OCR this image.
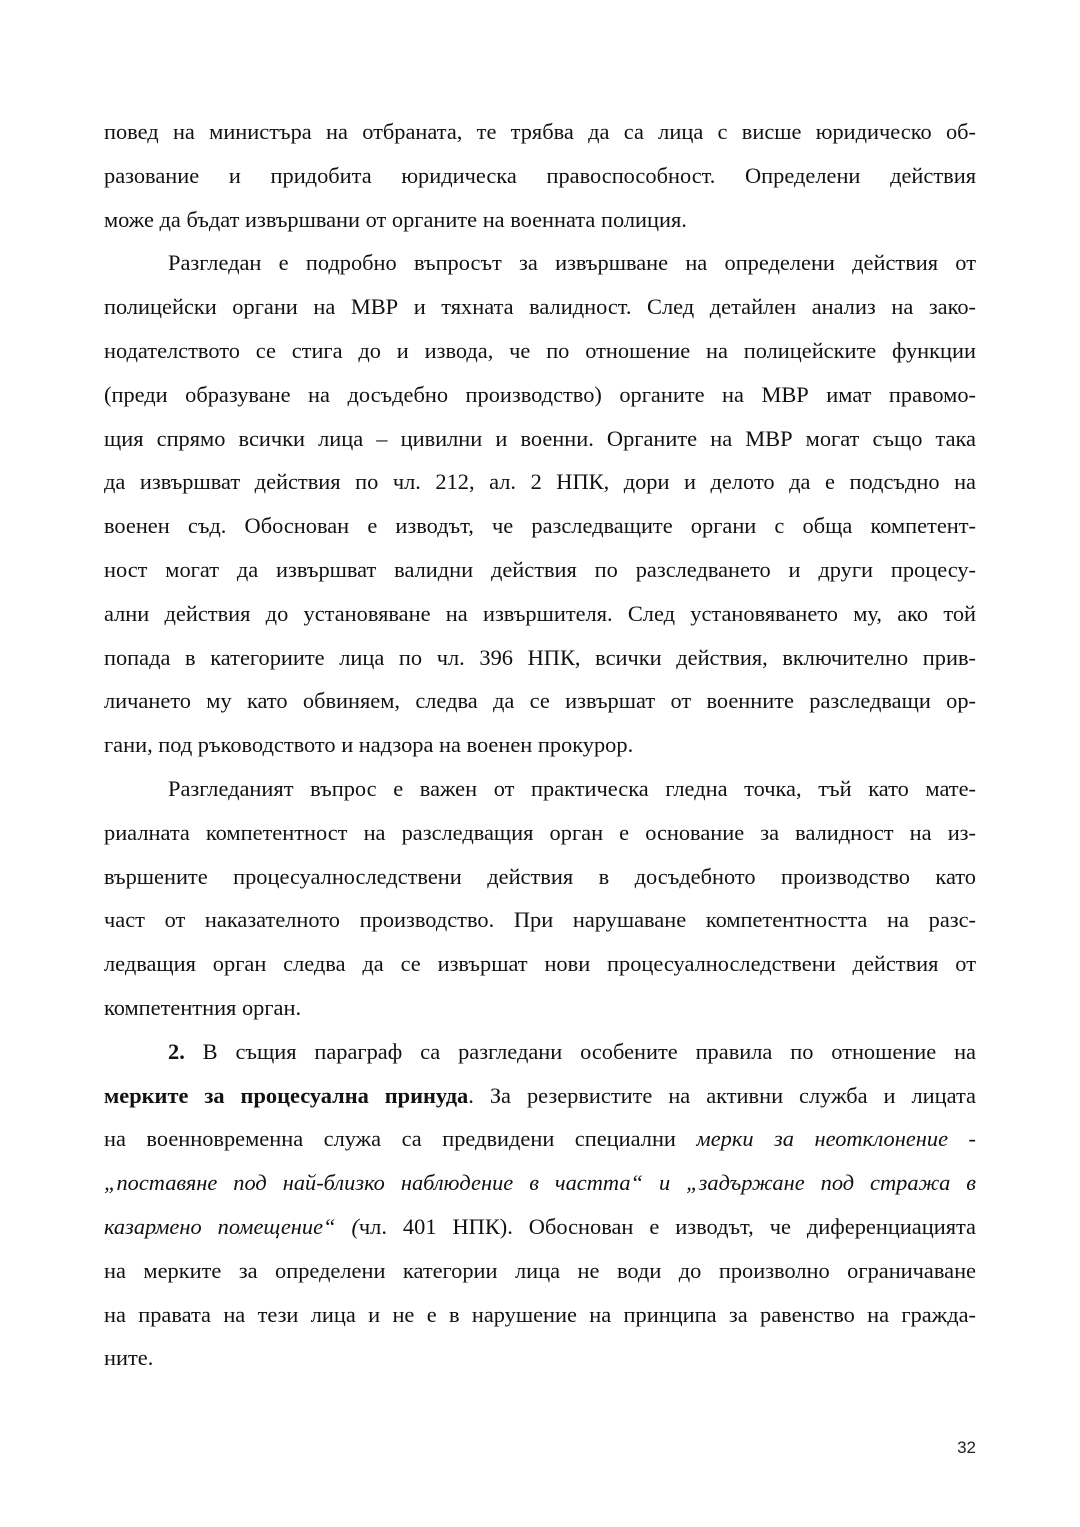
повед на министъра на отбраната, те трябва да са лица с висше юридическо об-
разование и придобита юридическа правоспособност. Определени действия
може да бъдат извършвани от органите на военната полиция.
Разгледан е подробно въпросът за извършване на определени действия от
полицейски органи на МВР и тяхната валидност. След детайлен анализ на зако-
нодателството се стига до и извода, че по отношение на полицейските функции
(преди образуване на досъдебно производство) органите на МВР имат правомо-
щия спрямо всички лица – цивилни и военни. Органите на МВР могат също така
да извършват действия по чл. 212, ал. 2 НПК, дори и делото да е подсъдно на
военен съд. Обоснован е изводът, че разследващите органи с обща компетент-
ност могат да извършват валидни действия по разследването и други процесу-
ални действия до установяване на извършителя. След установяването му, ако той
попада в категориите лица по чл. 396 НПК, всички действия, включително прив-
личането му като обвиняем, следва да се извършат от военните разследващи ор-
гани, под ръководството и надзора на военен прокурор.
Разгледаният въпрос е важен от практическа гледна точка, тъй като мате-
риалната компетентност на разследващия орган е основание за валидност на из-
вършените процесуалноследствени действия в досъдебното производство като
част от наказателното производство. При нарушаване компетентността на разс-
ледващия орган следва да се извършат нови процесуалноследствени действия от
компетентния орган.
2. В същия параграф са разгледани особените правила по отношение на
мерките за процесуална принуда. За резервистите на активни служба и лицата
на военновременна служа са предвидени специални мерки за неотклонение -
„поставяне под най-близко наблюдение в частта“ и „задържане под стража в
казармено помещение“ (чл. 401 НПК). Обоснован е изводът, че диференциацията
на мерките за определени категории лица не води до произволно ограничаване
на правата на тези лица и не е в нарушение на принципа за равенство на гражда-
ните.
32
